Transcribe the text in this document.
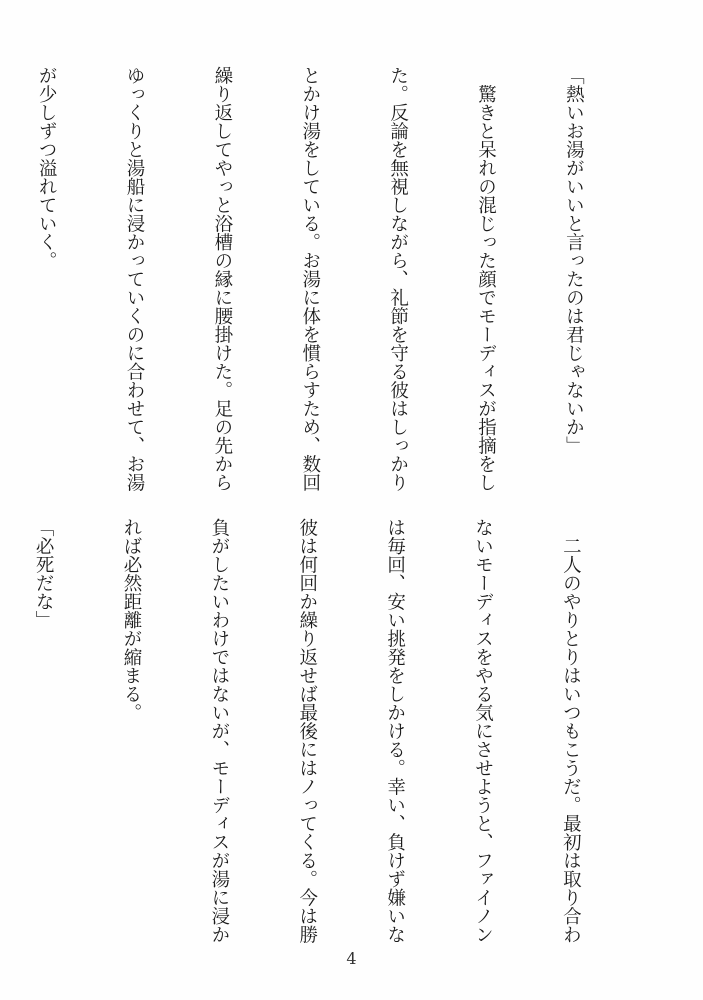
「熱いお湯がいいと言ったのは君じゃないか」

　驚きと呆れの混じった顔でモーディスが指摘をし

た。反論を無視しながら、礼節を守る彼はしっかり

とかけ湯をしている。お湯に体を慣らすため、数回

繰り返してやっと浴槽の縁に腰掛けた。足の先から

ゆっくりと湯船に浸かっていくのに合わせて、お湯

が少しずつ溢れていく。

　二人のやりとりはいつもこうだ。最初は取り合わ

ないモーディスをやる気にさせようと、ファイノン

は毎回、安い挑発をしかける。幸い、負けず嫌いな

彼は何回か繰り返せば最後にはノってくる。今は勝

負がしたいわけではないが、モーディスが湯に浸か

れば必然距離が縮まる。

「必死だな」

4
